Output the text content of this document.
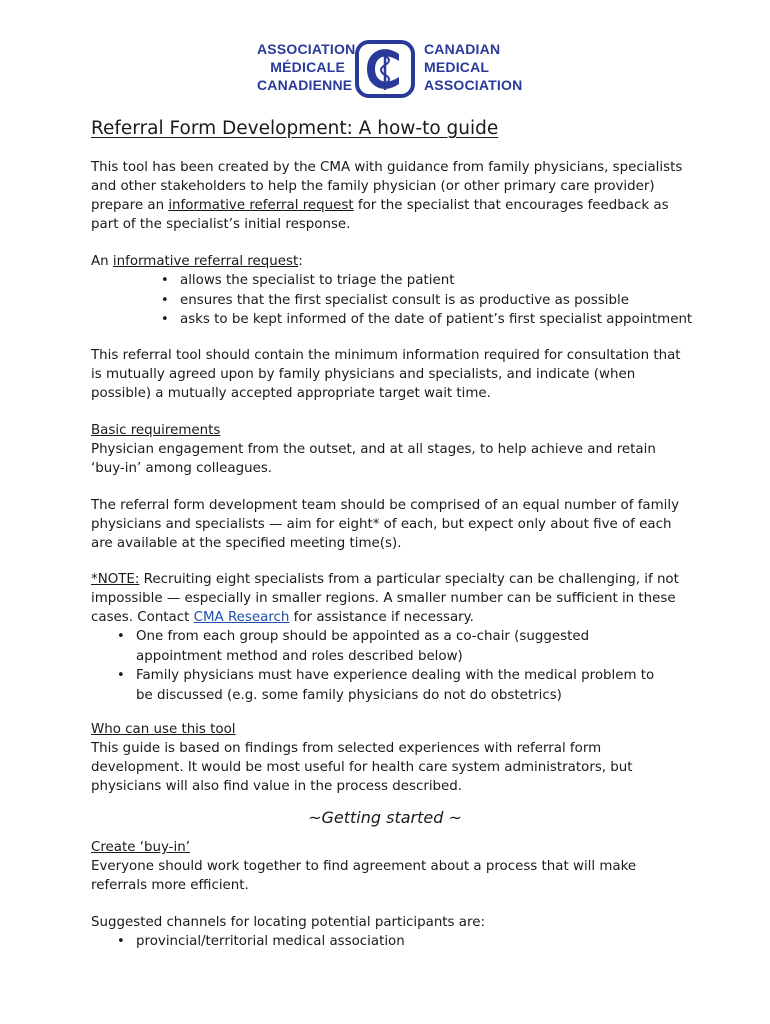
ASSOCIATION
MÉDICALE
CANADIENNE
CANADIAN
MEDICAL
ASSOCIATION
Referral Form Development: A how-to guide

This tool has been created by the CMA with guidance from family physicians, specialists and other stakeholders to help the family physician (or other primary care provider) prepare an informative referral request for the specialist that encourages feedback as part of the specialist’s initial response.

An informative referral request:

• allows the specialist to triage the patient
• ensures that the first specialist consult is as productive as possible
• asks to be kept informed of the date of patient’s first specialist appointment

This referral tool should contain the minimum information required for consultation that is mutually agreed upon by family physicians and specialists, and indicate (when possible) a mutually accepted appropriate target wait time.

Basic requirements

Physician engagement from the outset, and at all stages, to help achieve and retain ‘buy-in’ among colleagues.

The referral form development team should be comprised of an equal number of family physicians and specialists — aim for eight* of each, but expect only about five of each are available at the specified meeting time(s).

*NOTE: Recruiting eight specialists from a particular specialty can be challenging, if not impossible — especially in smaller regions. A smaller number can be sufficient in these cases. Contact CMA Research for assistance if necessary.

• One from each group should be appointed as a co-chair (suggested appointment method and roles described below)
• Family physicians must have experience dealing with the medical problem to be discussed (e.g. some family physicians do not do obstetrics)

Who can use this tool

This guide is based on findings from selected experiences with referral form development. It would be most useful for health care system administrators, but physicians will also find value in the process described.

~Getting started ~

Create ‘buy-in’

Everyone should work together to find agreement about a process that will make referrals more efficient.

Suggested channels for locating potential participants are:

• provincial/territorial medical association
